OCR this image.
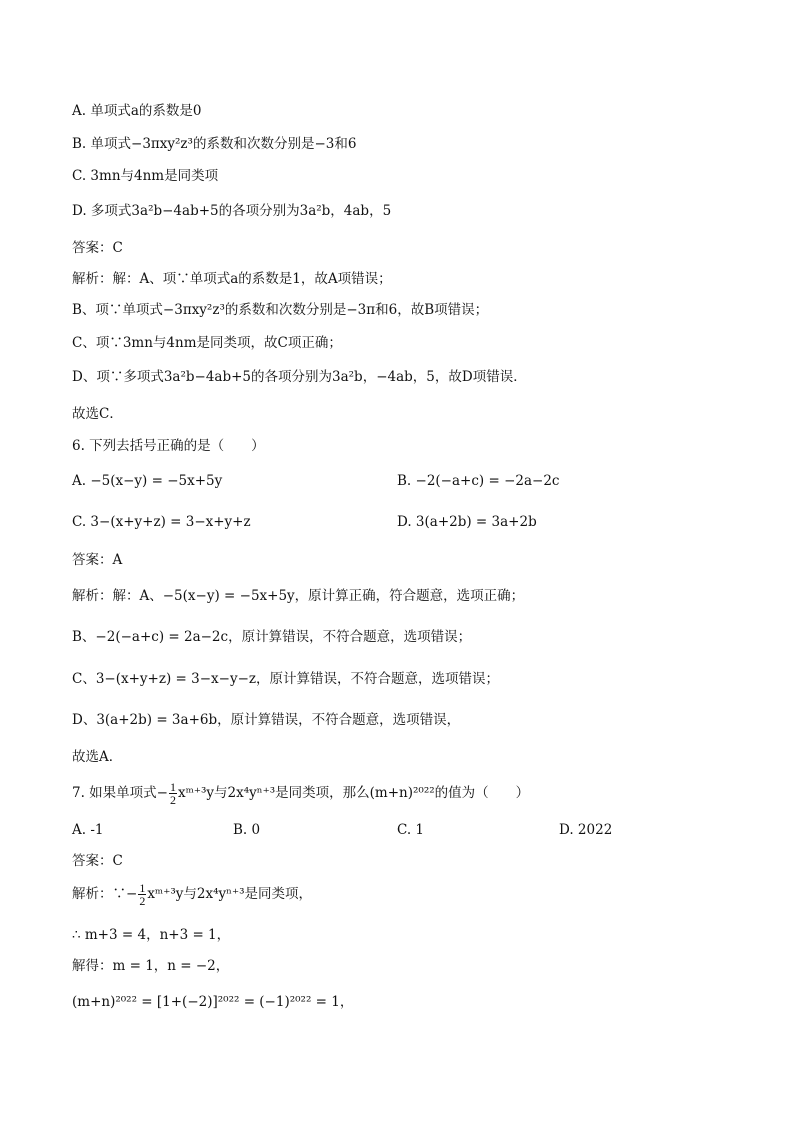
A. 单项式a的系数是0
B. 单项式−3πxy²z³的系数和次数分别是−3和6
C. 3mn与4nm是同类项
D. 多项式3a²b−4ab+5的各项分别为3a²b，4ab，5
答案：C
解析：解：A、项∵单项式a的系数是1，故A项错误；
B、项∵单项式−3πxy²z³的系数和次数分别是−3π和6，故B项错误；
C、项∵3mn与4nm是同类项，故C项正确；
D、项∵多项式3a²b−4ab+5的各项分别为3a²b，−4ab，5，故D项错误．
故选C．
6. 下列去括号正确的是（　　）
A. −5(x−y) = −5x+5y	B. −2(−a+c) = −2a−2c
C. 3−(x+y+z) = 3−x+y+z	D. 3(a+2b) = 3a+2b
答案：A
解析：解：A、−5(x−y) = −5x+5y，原计算正确，符合题意，选项正确；
B、−2(−a+c) = 2a−2c，原计算错误，不符合题意，选项错误；
C、3−(x+y+z) = 3−x−y−z，原计算错误，不符合题意，选项错误；
D、3(a+2b) = 3a+6b，原计算错误，不符合题意，选项错误，
故选A．
7. 如果单项式− $\frac{1}{2}$ xᵐ⁺³y与2x⁴yⁿ⁺³是同类项，那么(m+n)²⁰²²的值为（　　）
A. -1	B. 0	C. 1	D. 2022
答案：C
解析：∵− $\frac{1}{2}$ xᵐ⁺³y与2x⁴yⁿ⁺³是同类项，
∴ m+3 = 4，n+3 = 1，
解得：m = 1，n = −2，
(m+n)²⁰²² = [1+(−2)]²⁰²² = (−1)²⁰²² = 1，
